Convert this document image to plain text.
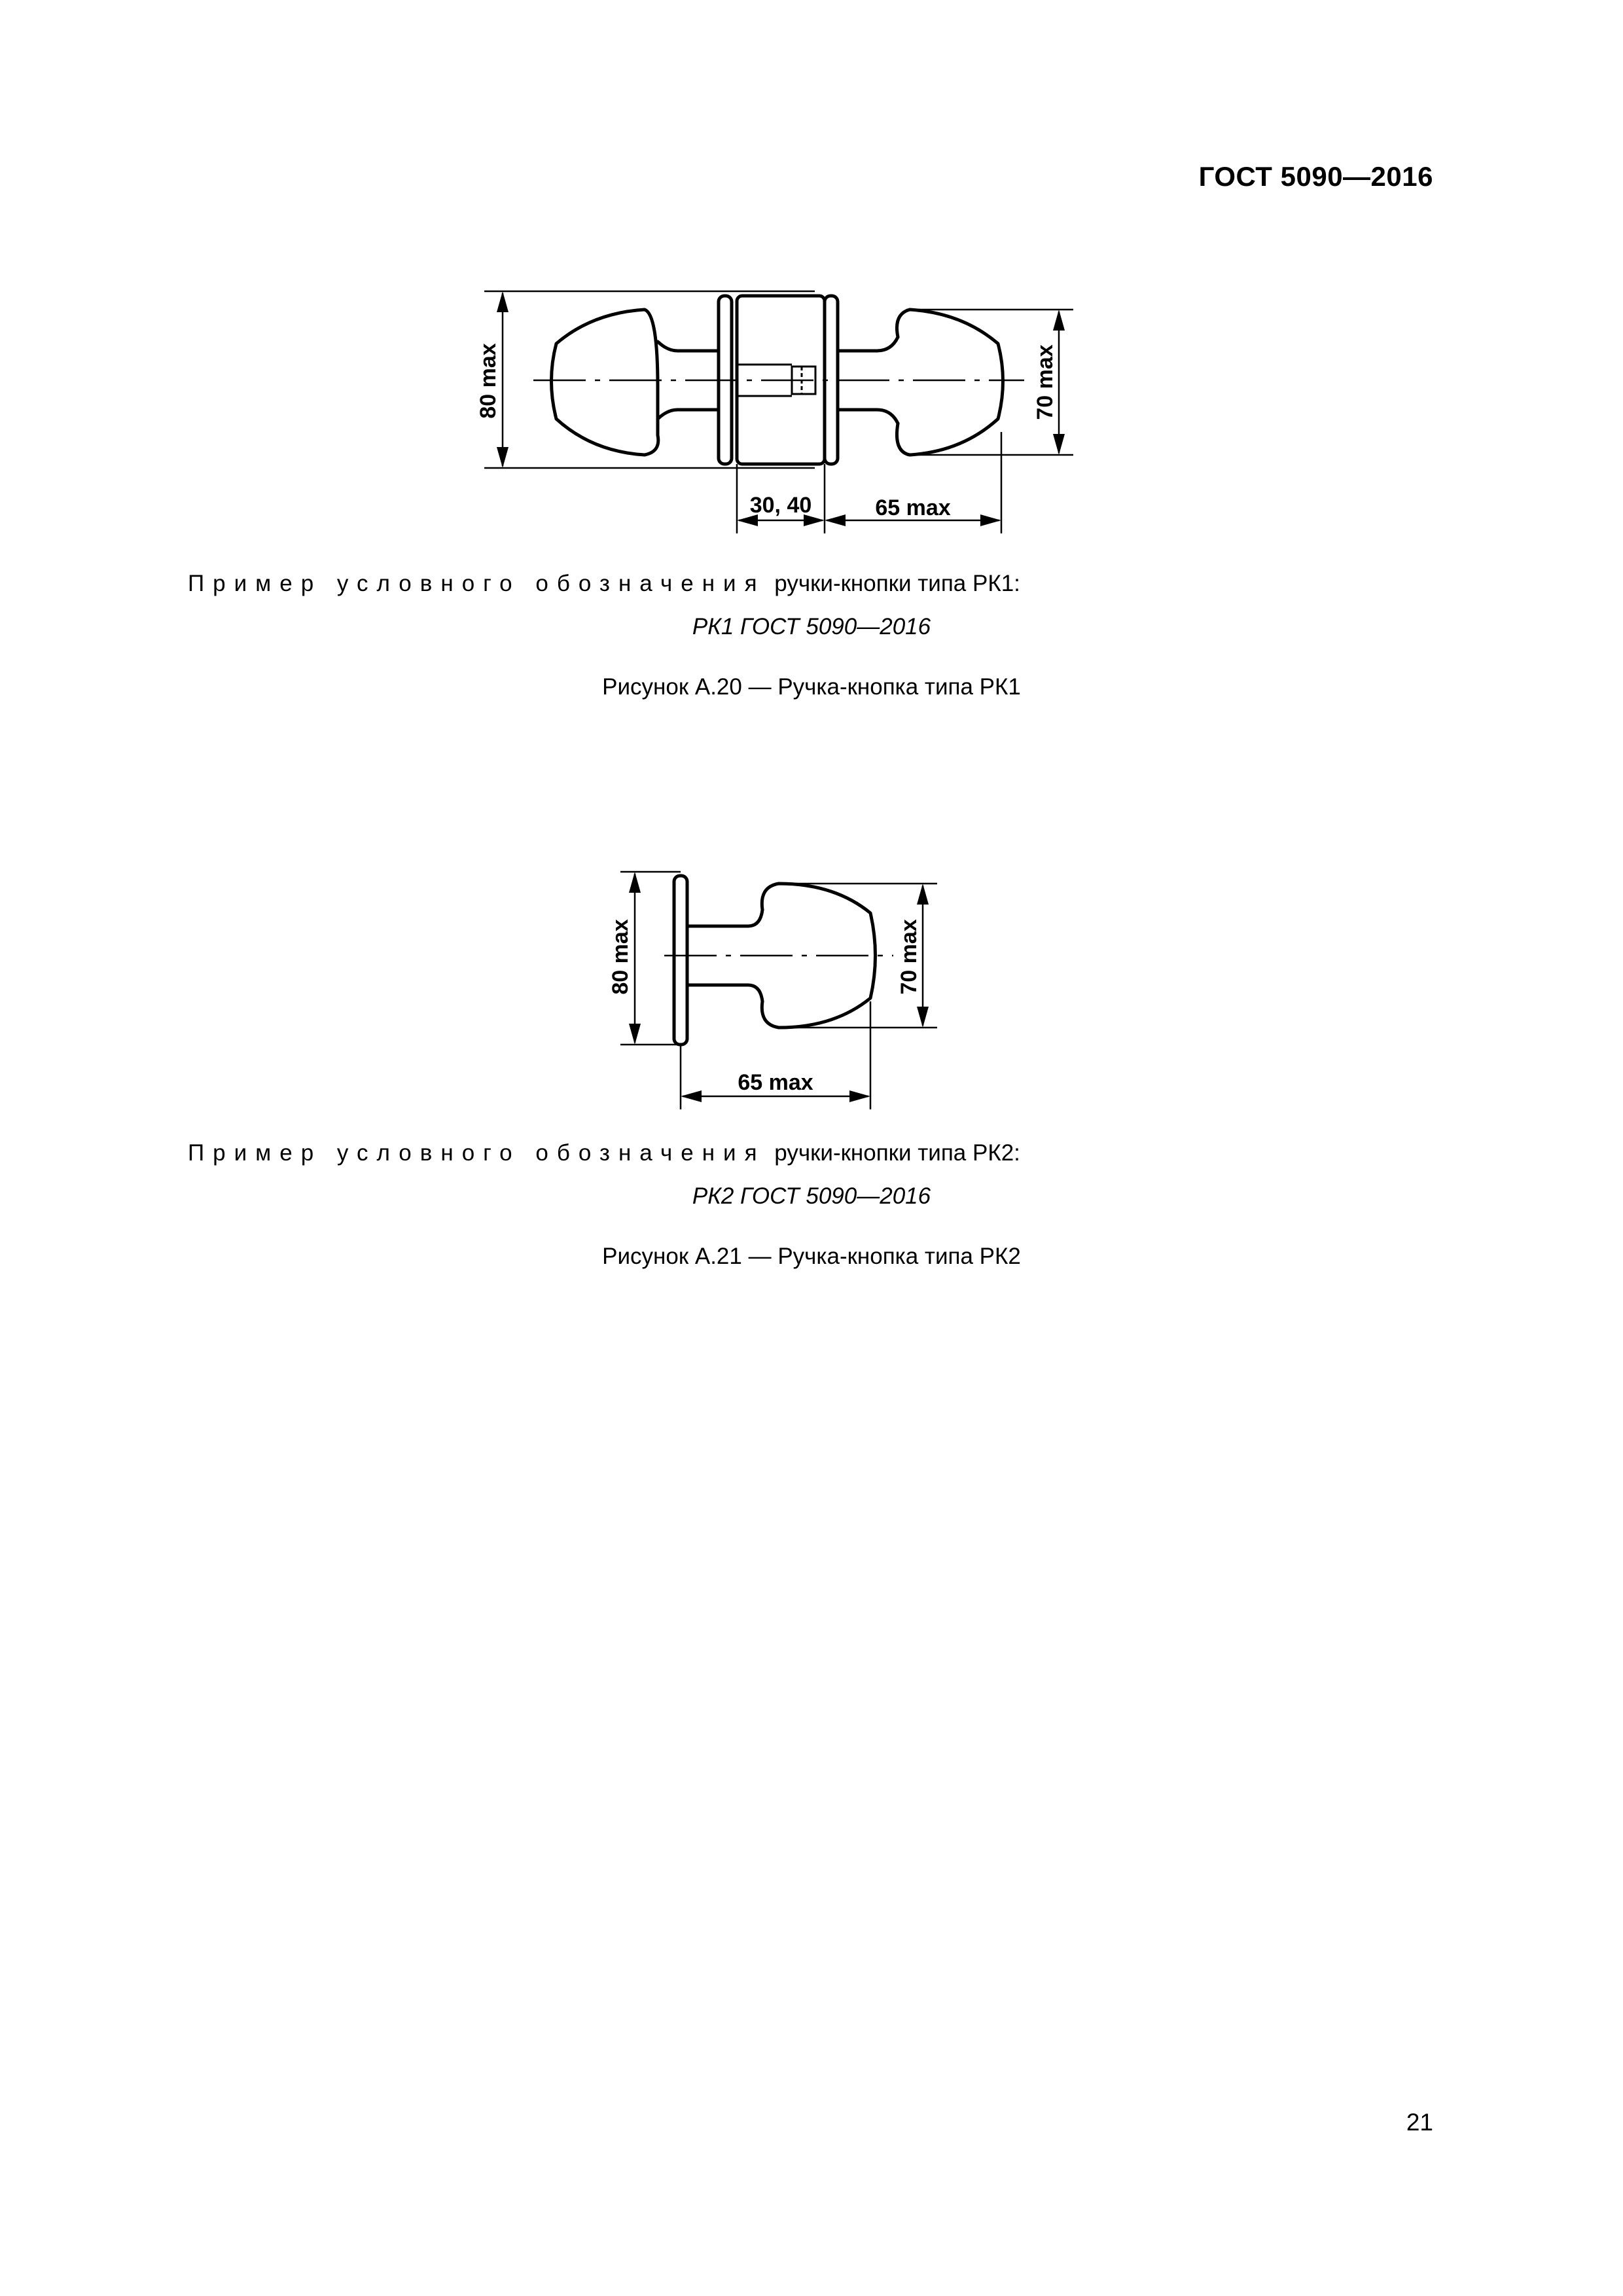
ГОСТ 5090—2016
80 max	70 max
30, 40	65 max
Пример условного обозначения ручки-кнопки типа РК1:
РК1 ГОСТ 5090—2016
Рисунок А.20 — Ручка-кнопка типа РК1
80 max	70 max
65 max
Пример условного обозначения ручки-кнопки типа РК2:
РК2 ГОСТ 5090—2016
Рисунок А.21 — Ручка-кнопка типа РК2
21
